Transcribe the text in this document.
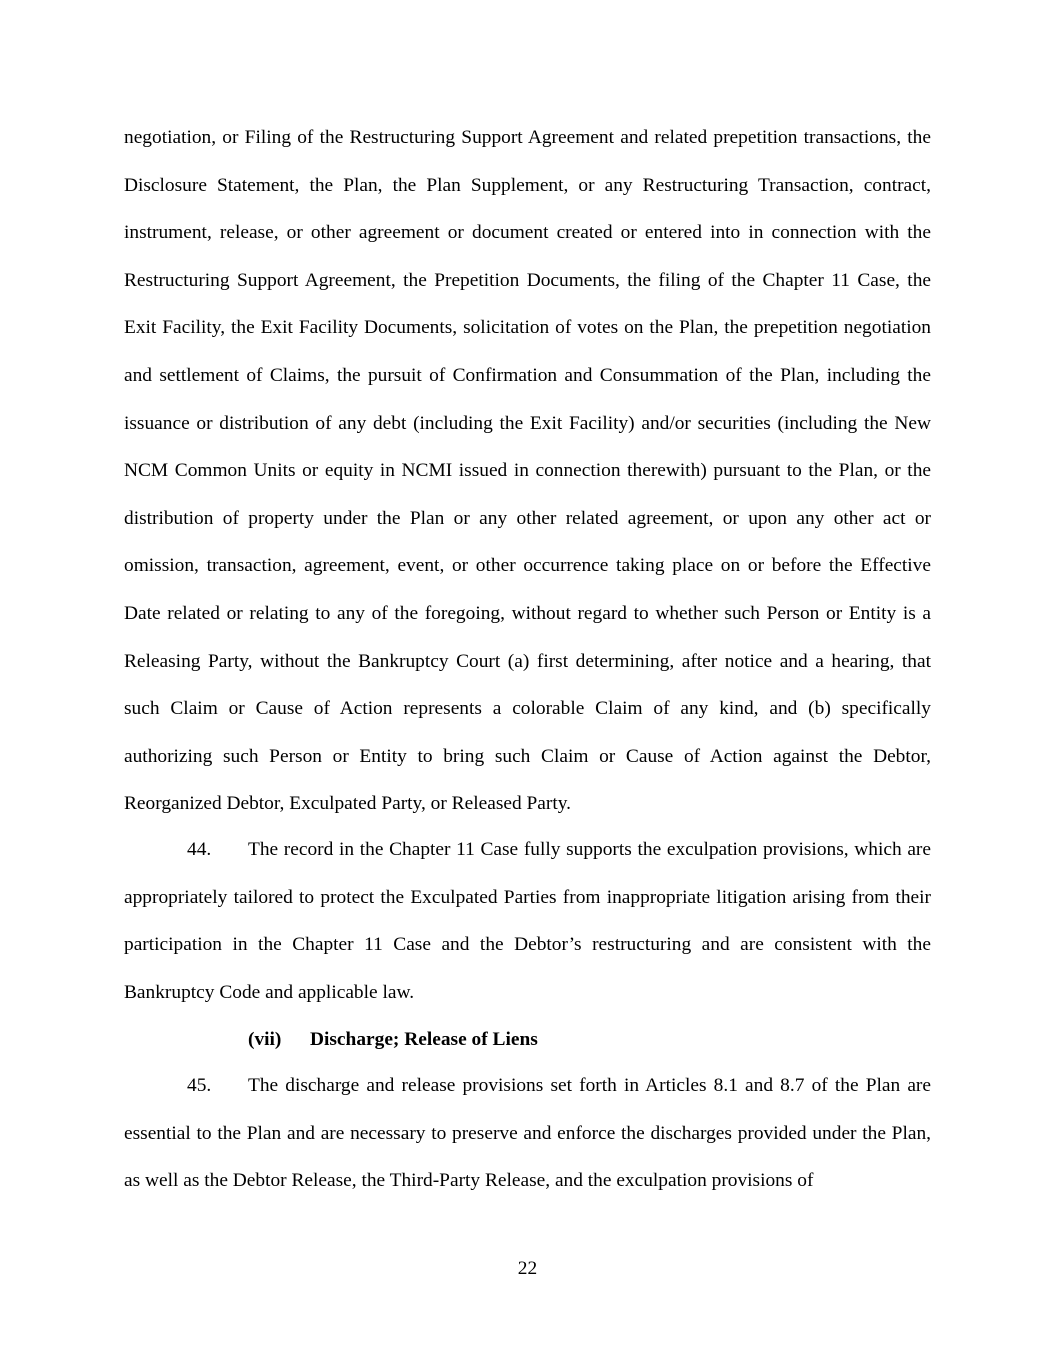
negotiation, or Filing of the Restructuring Support Agreement and related prepetition transactions, the Disclosure Statement, the Plan, the Plan Supplement, or any Restructuring Transaction, contract, instrument, release, or other agreement or document created or entered into in connection with the Restructuring Support Agreement, the Prepetition Documents, the filing of the Chapter 11 Case, the Exit Facility, the Exit Facility Documents, solicitation of votes on the Plan, the prepetition negotiation and settlement of Claims, the pursuit of Confirmation and Consummation of the Plan, including the issuance or distribution of any debt (including the Exit Facility) and/or securities (including the New NCM Common Units or equity in NCMI issued in connection therewith) pursuant to the Plan, or the distribution of property under the Plan or any other related agreement, or upon any other act or omission, transaction, agreement, event, or other occurrence taking place on or before the Effective Date related or relating to any of the foregoing, without regard to whether such Person or Entity is a Releasing Party, without the Bankruptcy Court (a) first determining, after notice and a hearing, that such Claim or Cause of Action represents a colorable Claim of any kind, and (b) specifically authorizing such Person or Entity to bring such Claim or Cause of Action against the Debtor, Reorganized Debtor, Exculpated Party, or Released Party.

44. The record in the Chapter 11 Case fully supports the exculpation provisions, which are appropriately tailored to protect the Exculpated Parties from inappropriate litigation arising from their participation in the Chapter 11 Case and the Debtor’s restructuring and are consistent with the Bankruptcy Code and applicable law.

(vii) Discharge; Release of Liens

45. The discharge and release provisions set forth in Articles 8.1 and 8.7 of the Plan are essential to the Plan and are necessary to preserve and enforce the discharges provided under the Plan, as well as the Debtor Release, the Third-Party Release, and the exculpation provisions of

22
